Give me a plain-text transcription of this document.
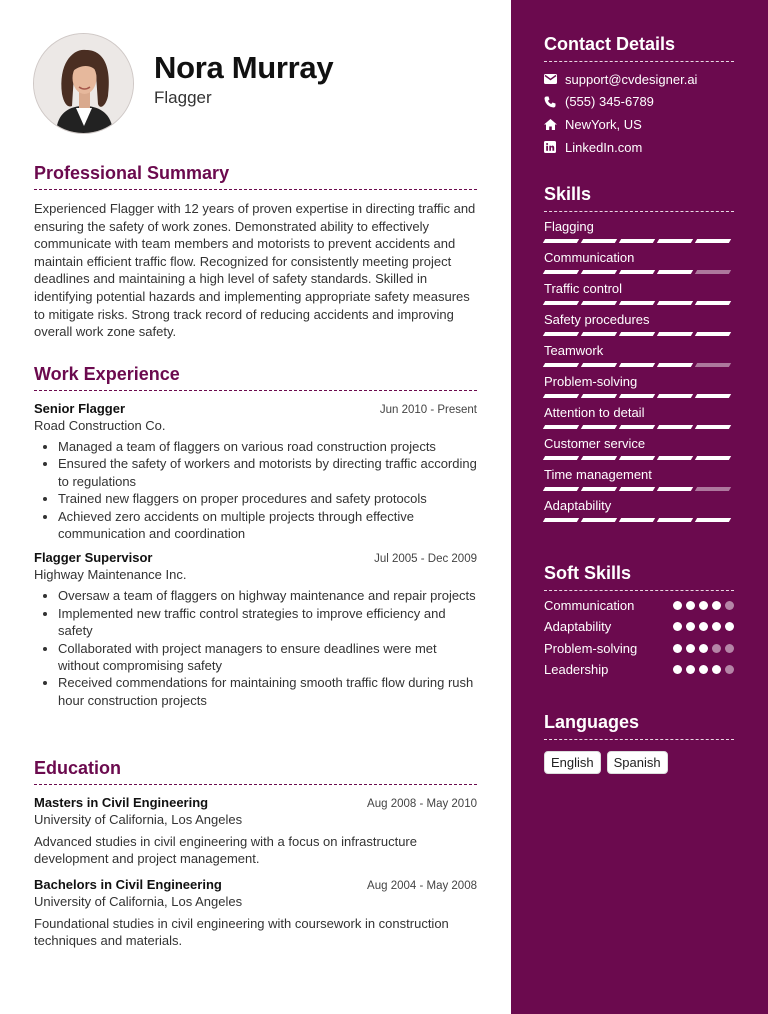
Nora Murray
Flagger
Professional Summary
Experienced Flagger with 12 years of proven expertise in directing traffic and ensuring the safety of work zones. Demonstrated ability to effectively communicate with team members and motorists to prevent accidents and maintain efficient traffic flow. Recognized for consistently meeting project deadlines and maintaining a high level of safety standards. Skilled in identifying potential hazards and implementing appropriate safety measures to mitigate risks. Strong track record of reducing accidents and improving overall work zone safety.
Work Experience
Senior Flagger	Jun 2010 - Present
Road Construction Co.
• Managed a team of flaggers on various road construction projects
• Ensured the safety of workers and motorists by directing traffic according to regulations
• Trained new flaggers on proper procedures and safety protocols
• Achieved zero accidents on multiple projects through effective communication and coordination
Flagger Supervisor	Jul 2005 - Dec 2009
Highway Maintenance Inc.
• Oversaw a team of flaggers on highway maintenance and repair projects
• Implemented new traffic control strategies to improve efficiency and safety
• Collaborated with project managers to ensure deadlines were met without compromising safety
• Received commendations for maintaining smooth traffic flow during rush hour construction projects
Education
Masters in Civil Engineering	Aug 2008 - May 2010
University of California, Los Angeles
Advanced studies in civil engineering with a focus on infrastructure development and project management.
Bachelors in Civil Engineering	Aug 2004 - May 2008
University of California, Los Angeles
Foundational studies in civil engineering with coursework in construction techniques and materials.
Contact Details
support@cvdesigner.ai
(555) 345-6789
NewYork, US
LinkedIn.com
Skills
Flagging
Communication
Traffic control
Safety procedures
Teamwork
Problem-solving
Attention to detail
Customer service
Time management
Adaptability
Soft Skills
Communication
Adaptability
Problem-solving
Leadership
Languages
English	Spanish
